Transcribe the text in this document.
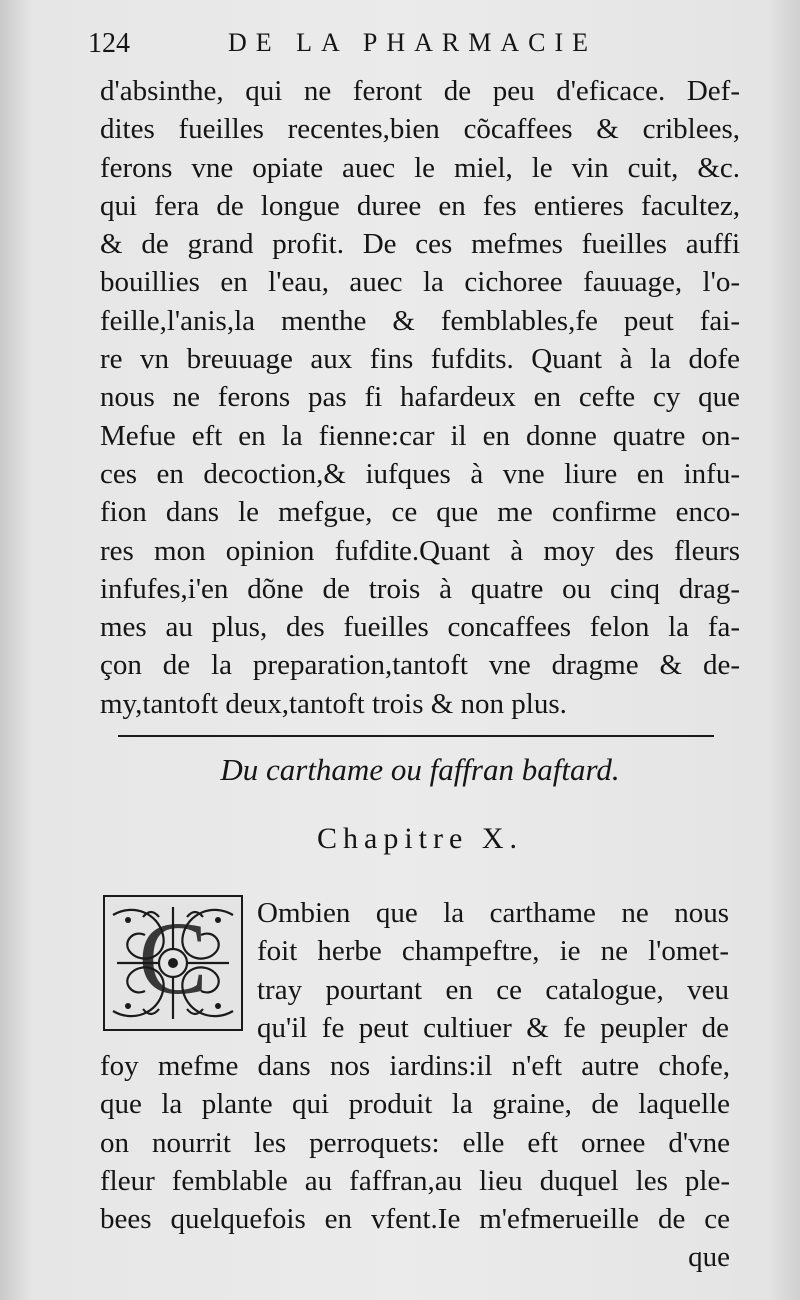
124	DE LA PHARMACIE
d'absinthe, qui ne feront de peu d'eficace. Def-
dites fueilles recentes,bien cõcaffees & criblees,
ferons vne opiate auec le miel, le vin cuit, &c.
qui fera de longue duree en fes entieres facultez,
& de grand profit. De ces mefmes fueilles auffi
bouillies en l'eau, auec la cichoree fauuage, l'o-
feille,l'anis,la menthe & femblables,fe peut fai-
re vn breuuage aux fins fufdits. Quant à la dofe
nous ne ferons pas fi hafardeux en cefte cy que
Mefue eft en la fienne:car il en donne quatre on-
ces en decoction,& iufques à vne liure en infu-
fion dans le mefgue, ce que me confirme enco-
res mon opinion fufdite.Quant à moy des fleurs
infufes,i'en dõne de trois à quatre ou cinq drag-
mes au plus, des fueilles concaffees felon la fa-
çon de la preparation,tantoft vne dragme & de-
my,tantoft deux,tantoft trois & non plus.
Du carthame ou faffran baftard.
Chapitre X.
C Ombien que la carthame ne nous
foit herbe champeftre, ie ne l'omet-
tray pourtant en ce catalogue, veu
qu'il fe peut cultiuer & fe peupler de
foy mefme dans nos iardins:il n'eft autre chofe,
que la plante qui produit la graine, de laquelle
on nourrit les perroquets: elle eft ornee d'vne
fleur femblable au faffran,au lieu duquel les ple-
bees quelquefois en vfent.Ie m'efmerueille de ce
que
